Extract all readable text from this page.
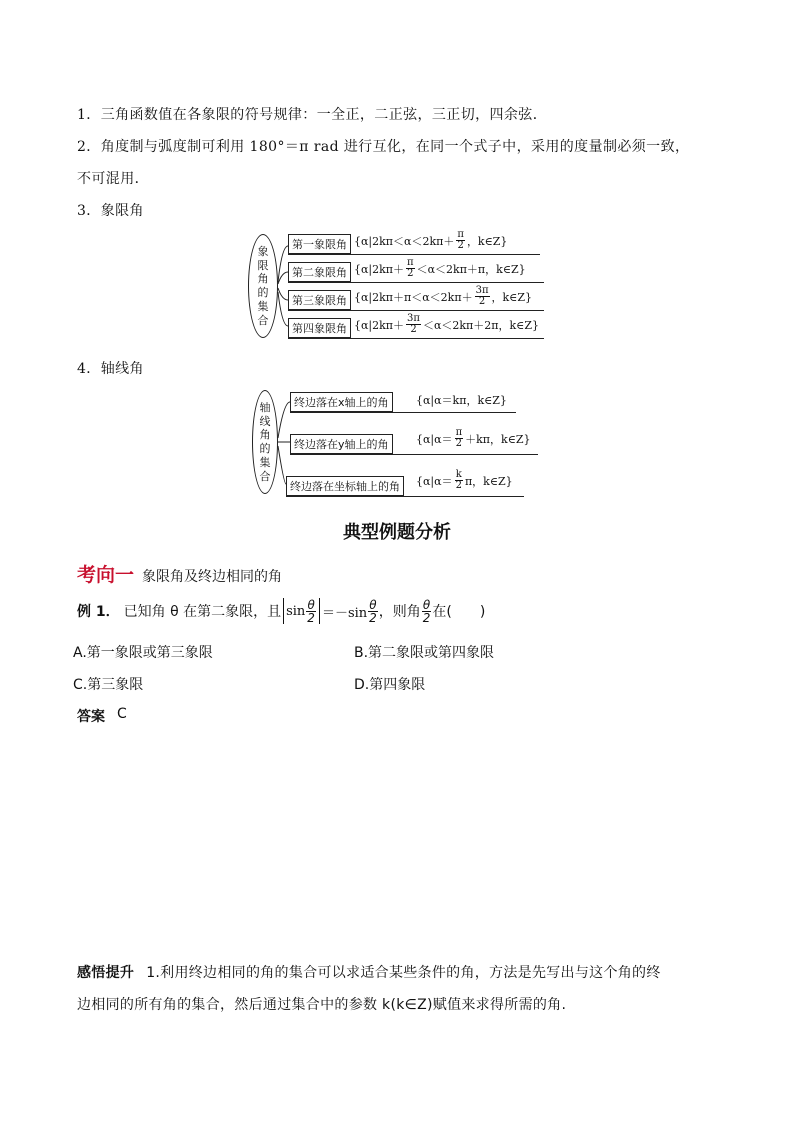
1．三角函数值在各象限的符号规律：一全正，二正弦，三正切，四余弦．
2．角度制与弧度制可利用 180°＝π rad 进行互化，在同一个式子中，采用的度量制必须一致，
不可混用．
3．象限角
象
限
角
的
集
合
第一象限角 {$\alpha|2k\pi<\alpha<2k\pi+ \frac{\pi}{2}$ ，k∈Z}
第二象限角 {$\alpha|2k\pi+ \frac{\pi}{2} <\alpha<2k\pi+\pi$，k∈Z}
第三象限角 {$\alpha|2k\pi+\pi<\alpha<2k\pi+ \frac{3\pi}{2}$ ，k∈Z}
第四象限角 {$\alpha|2k\pi+ \frac{3\pi}{2} <\alpha<2k\pi+2\pi$，k∈Z}
4．轴线角
轴
线
角
的
集
合
终边落在x轴上的角	{α|α＝kπ，k∈Z}
终边落在y轴上的角	{$\alpha|\alpha= \frac{\pi}{2} +k\pi$，k∈Z}
终边落在坐标轴上的角	{$\alpha|\alpha= \frac{k}{2}$ π，k∈Z}
典型例题分析
考向一 象限角及终边相同的角
例 1． 已知角 θ 在第二象限，且 $\sin \frac{\theta}{2} =-\sin \frac{\theta}{2}$ ，则角 $\frac{\theta}{2}$ 在(　　)
A.第一象限或第三象限	B.第二象限或第四象限
C.第三象限	D.第四象限
答案 C
感悟提升 1.利用终边相同的角的集合可以求适合某些条件的角，方法是先写出与这个角的终
边相同的所有角的集合，然后通过集合中的参数 k(k∈Z)赋值来求得所需的角.
